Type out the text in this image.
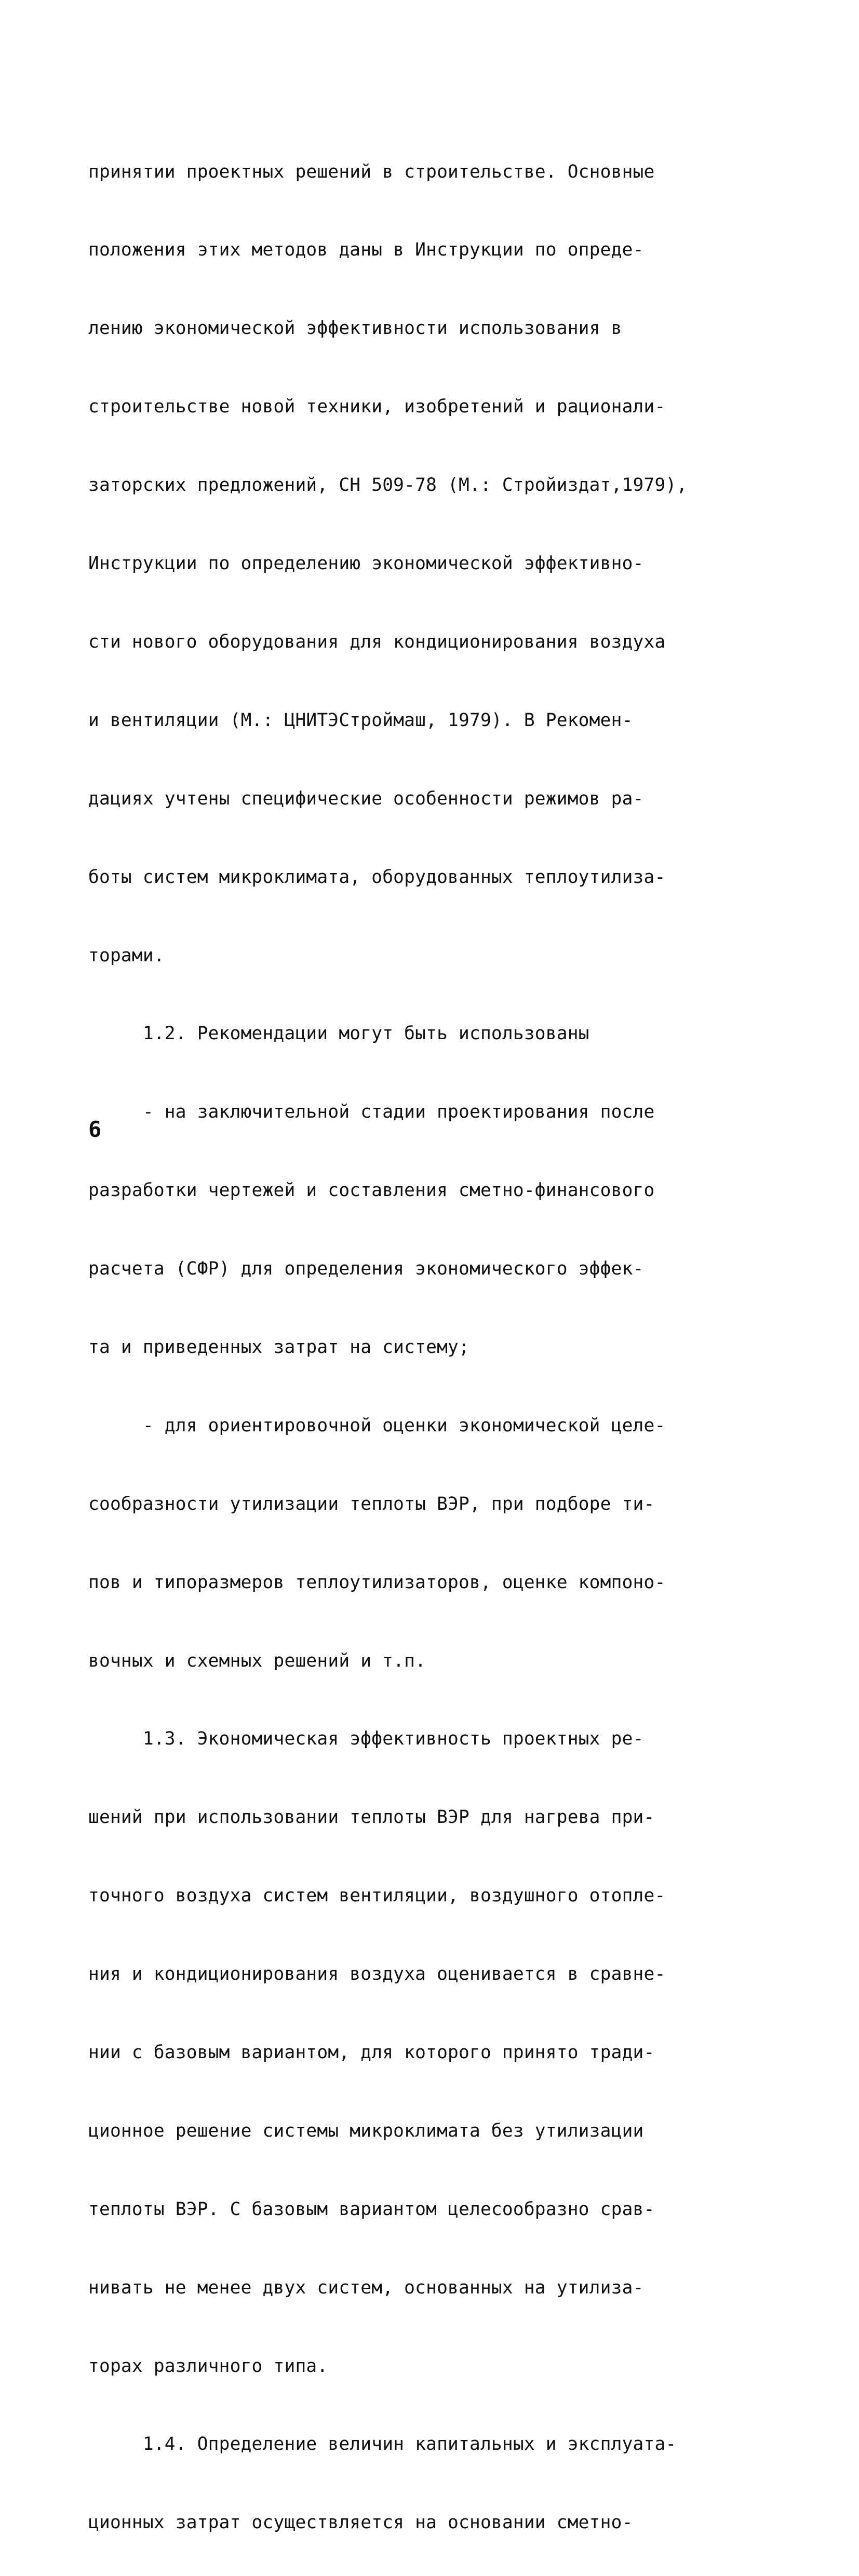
принятии проектных решений в строительстве. Основные

положения этих методов даны в Инструкции по опреде-

лению экономической эффективности использования в

строительстве новой техники, изобретений и рационали-

заторских предложений, СН 509-78 (М.: Стройиздат,1979),

Инструкции по определению экономической эффективно-

сти нового оборудования для кондиционирования воздуха

и вентиляции (М.: ЦНИТЭСтроймаш, 1979). В Рекомен-

дациях учтены специфические особенности режимов ра-

боты систем микроклимата, оборудованных теплоутилиза-

торами.

1.2. Рекомендации могут быть использованы

- на заключительной стадии проектирования после

разработки чертежей и составления сметно-финансового

расчета (СФР) для определения экономического эффек-

та и приведенных затрат на систему;

- для ориентировочной оценки экономической целе-

сообразности утилизации теплоты ВЭР, при подборе ти-

пов и типоразмеров теплоутилизаторов, оценке компоно-

вочных и схемных решений и т.п.

1.3. Экономическая эффективность проектных ре-

шений при использовании теплоты ВЭР для нагрева при-

точного воздуха систем вентиляции, воздушного отопле-

ния и кондиционирования воздуха оценивается в сравне-

нии с базовым вариантом, для которого принято тради-

ционное решение системы микроклимата без утилизации

теплоты ВЭР. С базовым вариантом целесообразно срав-

нивать не менее двух систем, основанных на утилиза-

торах различного типа.

1.4. Определение величин капитальных и эксплуата-

ционных затрат осуществляется на основании сметно-

6
